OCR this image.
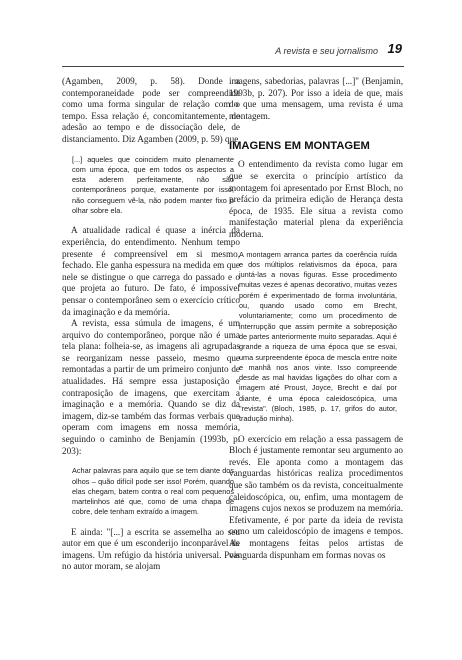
A revista e seu jornalismo 19

(Agamben, 2009, p. 58). Donde a contemporaneidade pode ser compreendida como uma forma singular de relação com o tempo. Essa relação é, concomitantemente, de adesão ao tempo e de dissociação dele, de distanciamento. Diz Agamben (2009, p. 59) que

[...] aqueles que coincidem muito plenamente com uma época, que em todos os aspectos a esta aderem perfeitamente, não são contemporâneos porque, exatamente por isso, não conseguem vê-la, não podem manter fixo o olhar sobre ela.

A atualidade radical é quase a inércia da experiência, do entendimento. Nenhum tempo presente é compreensível em si mesmo, fechado. Ele ganha espessura na medida em que nele se distingue o que carrega do passado e o que projeta ao futuro. De fato, é impossível pensar o contemporâneo sem o exercício crítico da imaginação e da memória.

A revista, essa súmula de imagens, é um arquivo do contemporâneo, porque não é uma tela plana: folheia-se, as imagens ali agrupadas se reorganizam nesse passeio, mesmo que remontadas a partir de um primeiro conjunto de atualidades. Há sempre essa justaposição e contraposição de imagens, que exercitam a imaginação e a memória. Quando se diz da imagem, diz-se também das formas verbais que operam com imagens em nossa memória, seguindo o caminho de Benjamin (1993b, p. 203):

Achar palavras para aquilo que se tem diante dos olhos – quão difícil pode ser isso! Porém, quando elas chegam, batem contra o real com pequenos martelinhos até que, como de uma chapa de cobre, dele tenham extraído a imagem.

E ainda: "[...] a escrita se assemelha ao seu autor em que é um esconderijo inconparável de imagens. Um refúgio da história universal. Pois no autor moram, se alojam

imagens, sabedorias, palavras [...]" (Benjamin, 1993b, p. 207). Por isso a ideia de que, mais do que uma mensagem, uma revista é uma montagem.

IMAGENS EM MONTAGEM

O entendimento da revista como lugar em que se exercita o princípio artístico da montagem foi apresentado por Ernst Bloch, no prefácio da primeira edição de Herança desta época, de 1935. Ele situa a revista como manifestação material plena da experiência moderna.

A montagem arranca partes da coerência ruída e dos múltiplos relativismos da época, para juntá-las a novas figuras. Esse procedimento muitas vezes é apenas decorativo, muitas vezes porém é experimentado de forma involuntária, ou, quando usado como em Brecht, voluntariamente; como um procedimento de interrupção que assim permite a sobreposição de partes anteriormente muito separadas. Aqui é grande a riqueza de uma época que se esvai, uma surpreendente época de mescla entre noite e manhã nos anos vinte. Isso compreende desde as mal havidas ligações do olhar com a imagem até Proust, Joyce, Brecht e daí por diante, é uma época caleidoscópica, uma "revista". (Bloch, 1985, p. 17, grifos do autor, tradução minha).

O exercício em relação a essa passagem de Bloch é justamente remontar seu argumento ao revés. Ele aponta como a montagem das vanguardas históricas realiza procedimentos que são também os da revista, conceitualmente caleidoscópica, ou, enfim, uma montagem de imagens cujos nexos se produzem na memória. Efetivamente, é por parte da ideia de revista como um caleidoscópio de imagens e tempos. As montagens feitas pelos artistas de vanguarda dispunham em formas novas os
